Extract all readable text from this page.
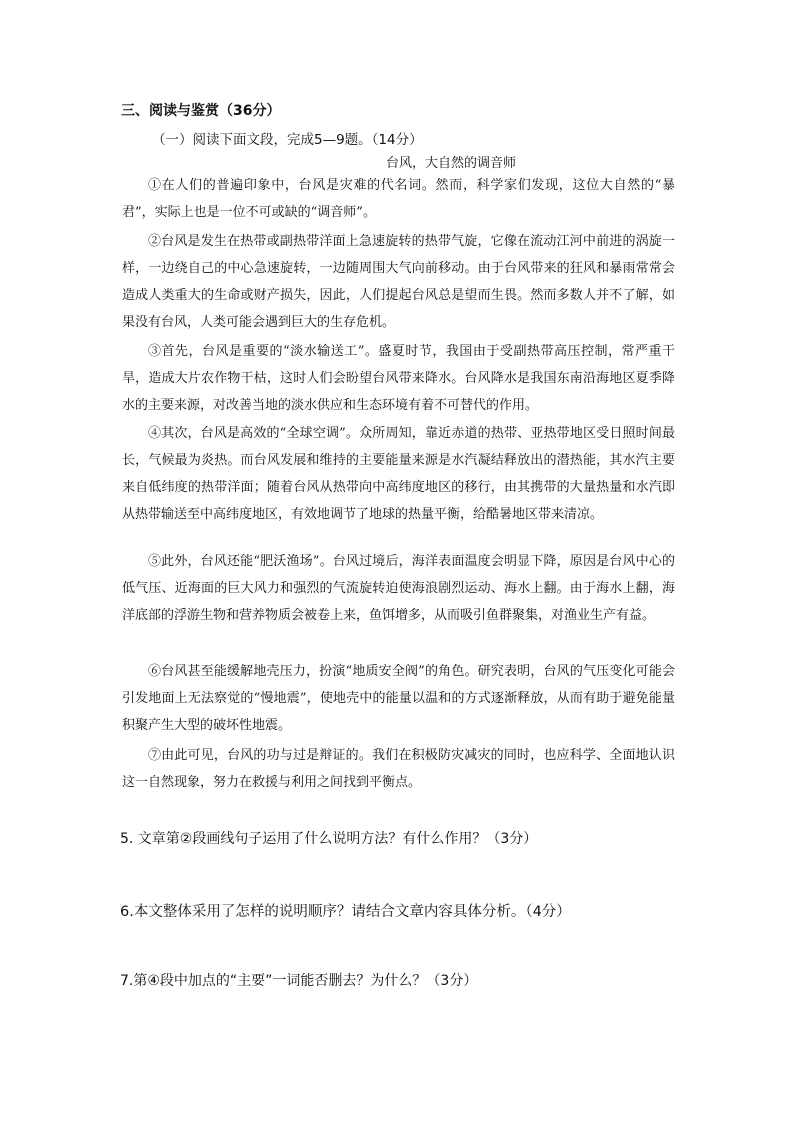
三、阅读与鉴赏（36分）
（一）阅读下面文段，完成5—9题。（14分）
台风，大自然的调音师

①在人们的普遍印象中，台风是灾难的代名词。然而，科学家们发现，这位大自然的“暴君”，实际上也是一位不可或缺的“调音师”。

②台风是发生在热带或副热带洋面上急速旋转的热带气旋，它像在流动江河中前进的涡旋一样，一边绕自己的中心急速旋转，一边随周围大气向前移动。由于台风带来的狂风和暴雨常常会造成人类重大的生命或财产损失，因此，人们提起台风总是望而生畏。然而多数人并不了解，如果没有台风，人类可能会遇到巨大的生存危机。

③首先，台风是重要的“淡水输送工”。盛夏时节，我国由于受副热带高压控制，常严重干旱，造成大片农作物干枯，这时人们会盼望台风带来降水。台风降水是我国东南沿海地区夏季降水的主要来源，对改善当地的淡水供应和生态环境有着不可替代的作用。

④其次，台风是高效的“全球空调”。众所周知，靠近赤道的热带、亚热带地区受日照时间最长，气候最为炎热。而台风发展和维持的主要能量来源是水汽凝结释放出的潜热能，其水汽主要来自低纬度的热带洋面；随着台风从热带向中高纬度地区的移行，由其携带的大量热量和水汽即从热带输送至中高纬度地区，有效地调节了地球的热量平衡，给酷暑地区带来清凉。

⑤此外，台风还能“肥沃渔场”。台风过境后，海洋表面温度会明显下降，原因是台风中心的低气压、近海面的巨大风力和强烈的气流旋转迫使海浪剧烈运动、海水上翻。由于海水上翻，海洋底部的浮游生物和营养物质会被卷上来，鱼饵增多，从而吸引鱼群聚集，对渔业生产有益。

⑥台风甚至能缓解地壳压力，扮演“地质安全阀”的角色。研究表明，台风的气压变化可能会引发地面上无法察觉的“慢地震”，使地壳中的能量以温和的方式逐渐释放，从而有助于避免能量积聚产生大型的破坏性地震。

⑦由此可见，台风的功与过是辩证的。我们在积极防灾减灾的同时，也应科学、全面地认识这一自然现象，努力在救援与利用之间找到平衡点。

5. 文章第②段画线句子运用了什么说明方法？有什么作用？（3分）
6.本文整体采用了怎样的说明顺序？请结合文章内容具体分析。（4分）
7.第④段中加点的“主要”一词能否删去？为什么？（3分）
